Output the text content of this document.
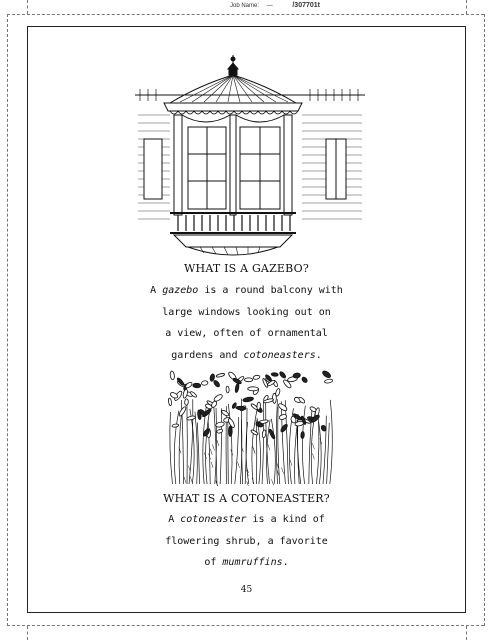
Job Name: —	/307701t
WHAT IS A GAZEBO?
A gazebo is a round balcony with
large windows looking out on
a view, often of ornamental
gardens and cotoneasters.
WHAT IS A COTONEASTER?
A cotoneaster is a kind of
flowering shrub, a favorite
of mumruffins.
45
